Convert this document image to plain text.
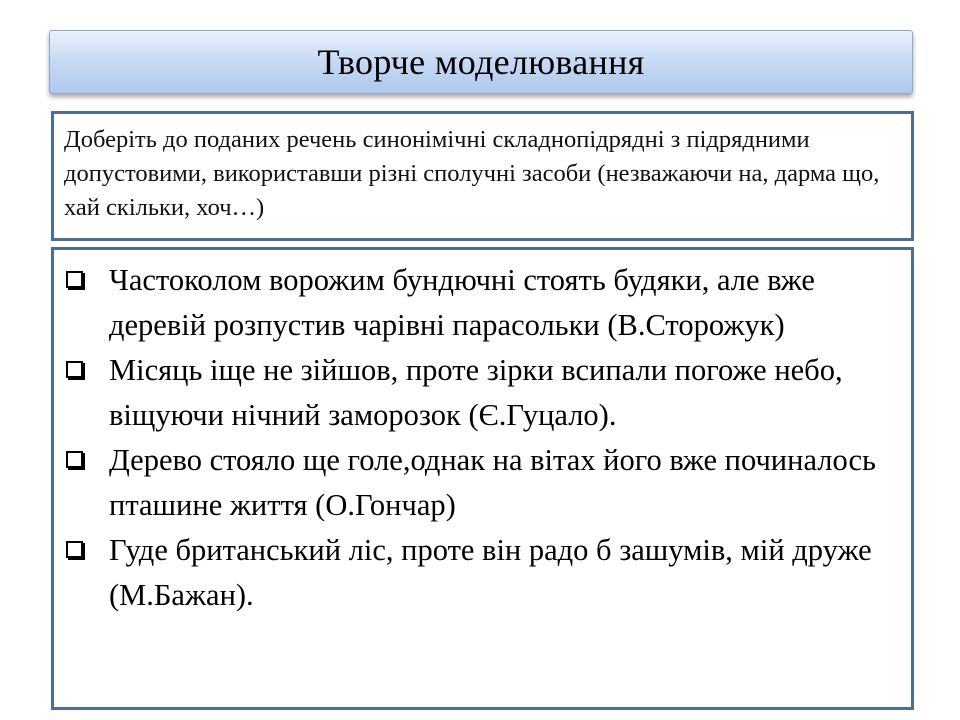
Творче моделювання
Доберіть до поданих речень синонімічні складнопідрядні з підрядними допустовими, використавши різні сполучні засоби (незважаючи на, дарма що, хай скільки, хоч…)
Частоколом ворожим бундючні стоять будяки, але вже деревій розпустив чарівні парасольки (В.Сторожук)
Місяць іще не зійшов, проте зірки всипали погоже небо, віщуючи нічний заморозок (Є.Гуцало).
Дерево стояло ще голе,однак на вітах його вже починалось пташине життя (О.Гончар)
Гуде британський ліс, проте він радо б зашумів, мій друже (М.Бажан).
